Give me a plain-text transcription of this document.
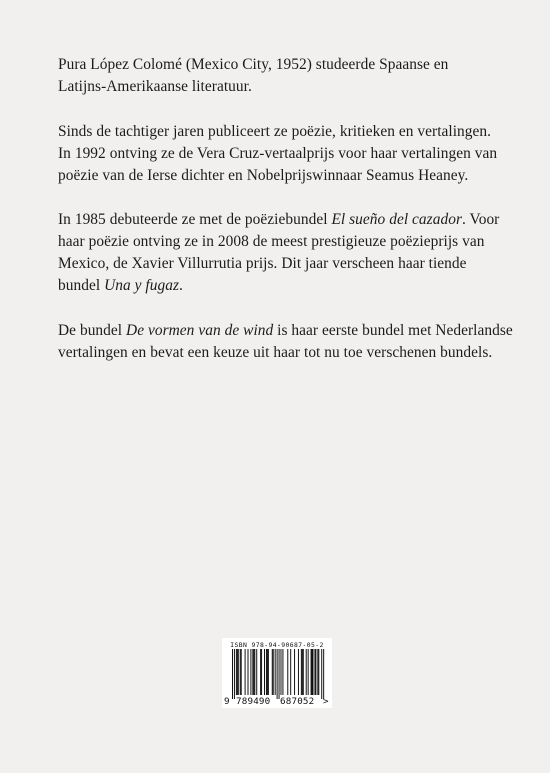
Pura López Colomé (Mexico City, 1952) studeerde Spaanse en
Latijns-Amerikaanse literatuur.

Sinds de tachtiger jaren publiceert ze poëzie, kritieken en vertalingen.
In 1992 ontving ze de Vera Cruz-vertaalprijs voor haar vertalingen van
poëzie van de Ierse dichter en Nobelprijswinnaar Seamus Heaney.

In 1985 debuteerde ze met de poëziebundel El sueño del cazador. Voor
haar poëzie ontving ze in 2008 de meest prestigieuze poëzieprijs van
Mexico, de Xavier Villurrutia prijs. Dit jaar verscheen haar tiende
bundel Una y fugaz.

De bundel De vormen van de wind is haar eerste bundel met Nederlandse
vertalingen en bevat een keuze uit haar tot nu toe verschenen bundels.

ISBN 978-94-90687-05-2
9 789490 687052 >
